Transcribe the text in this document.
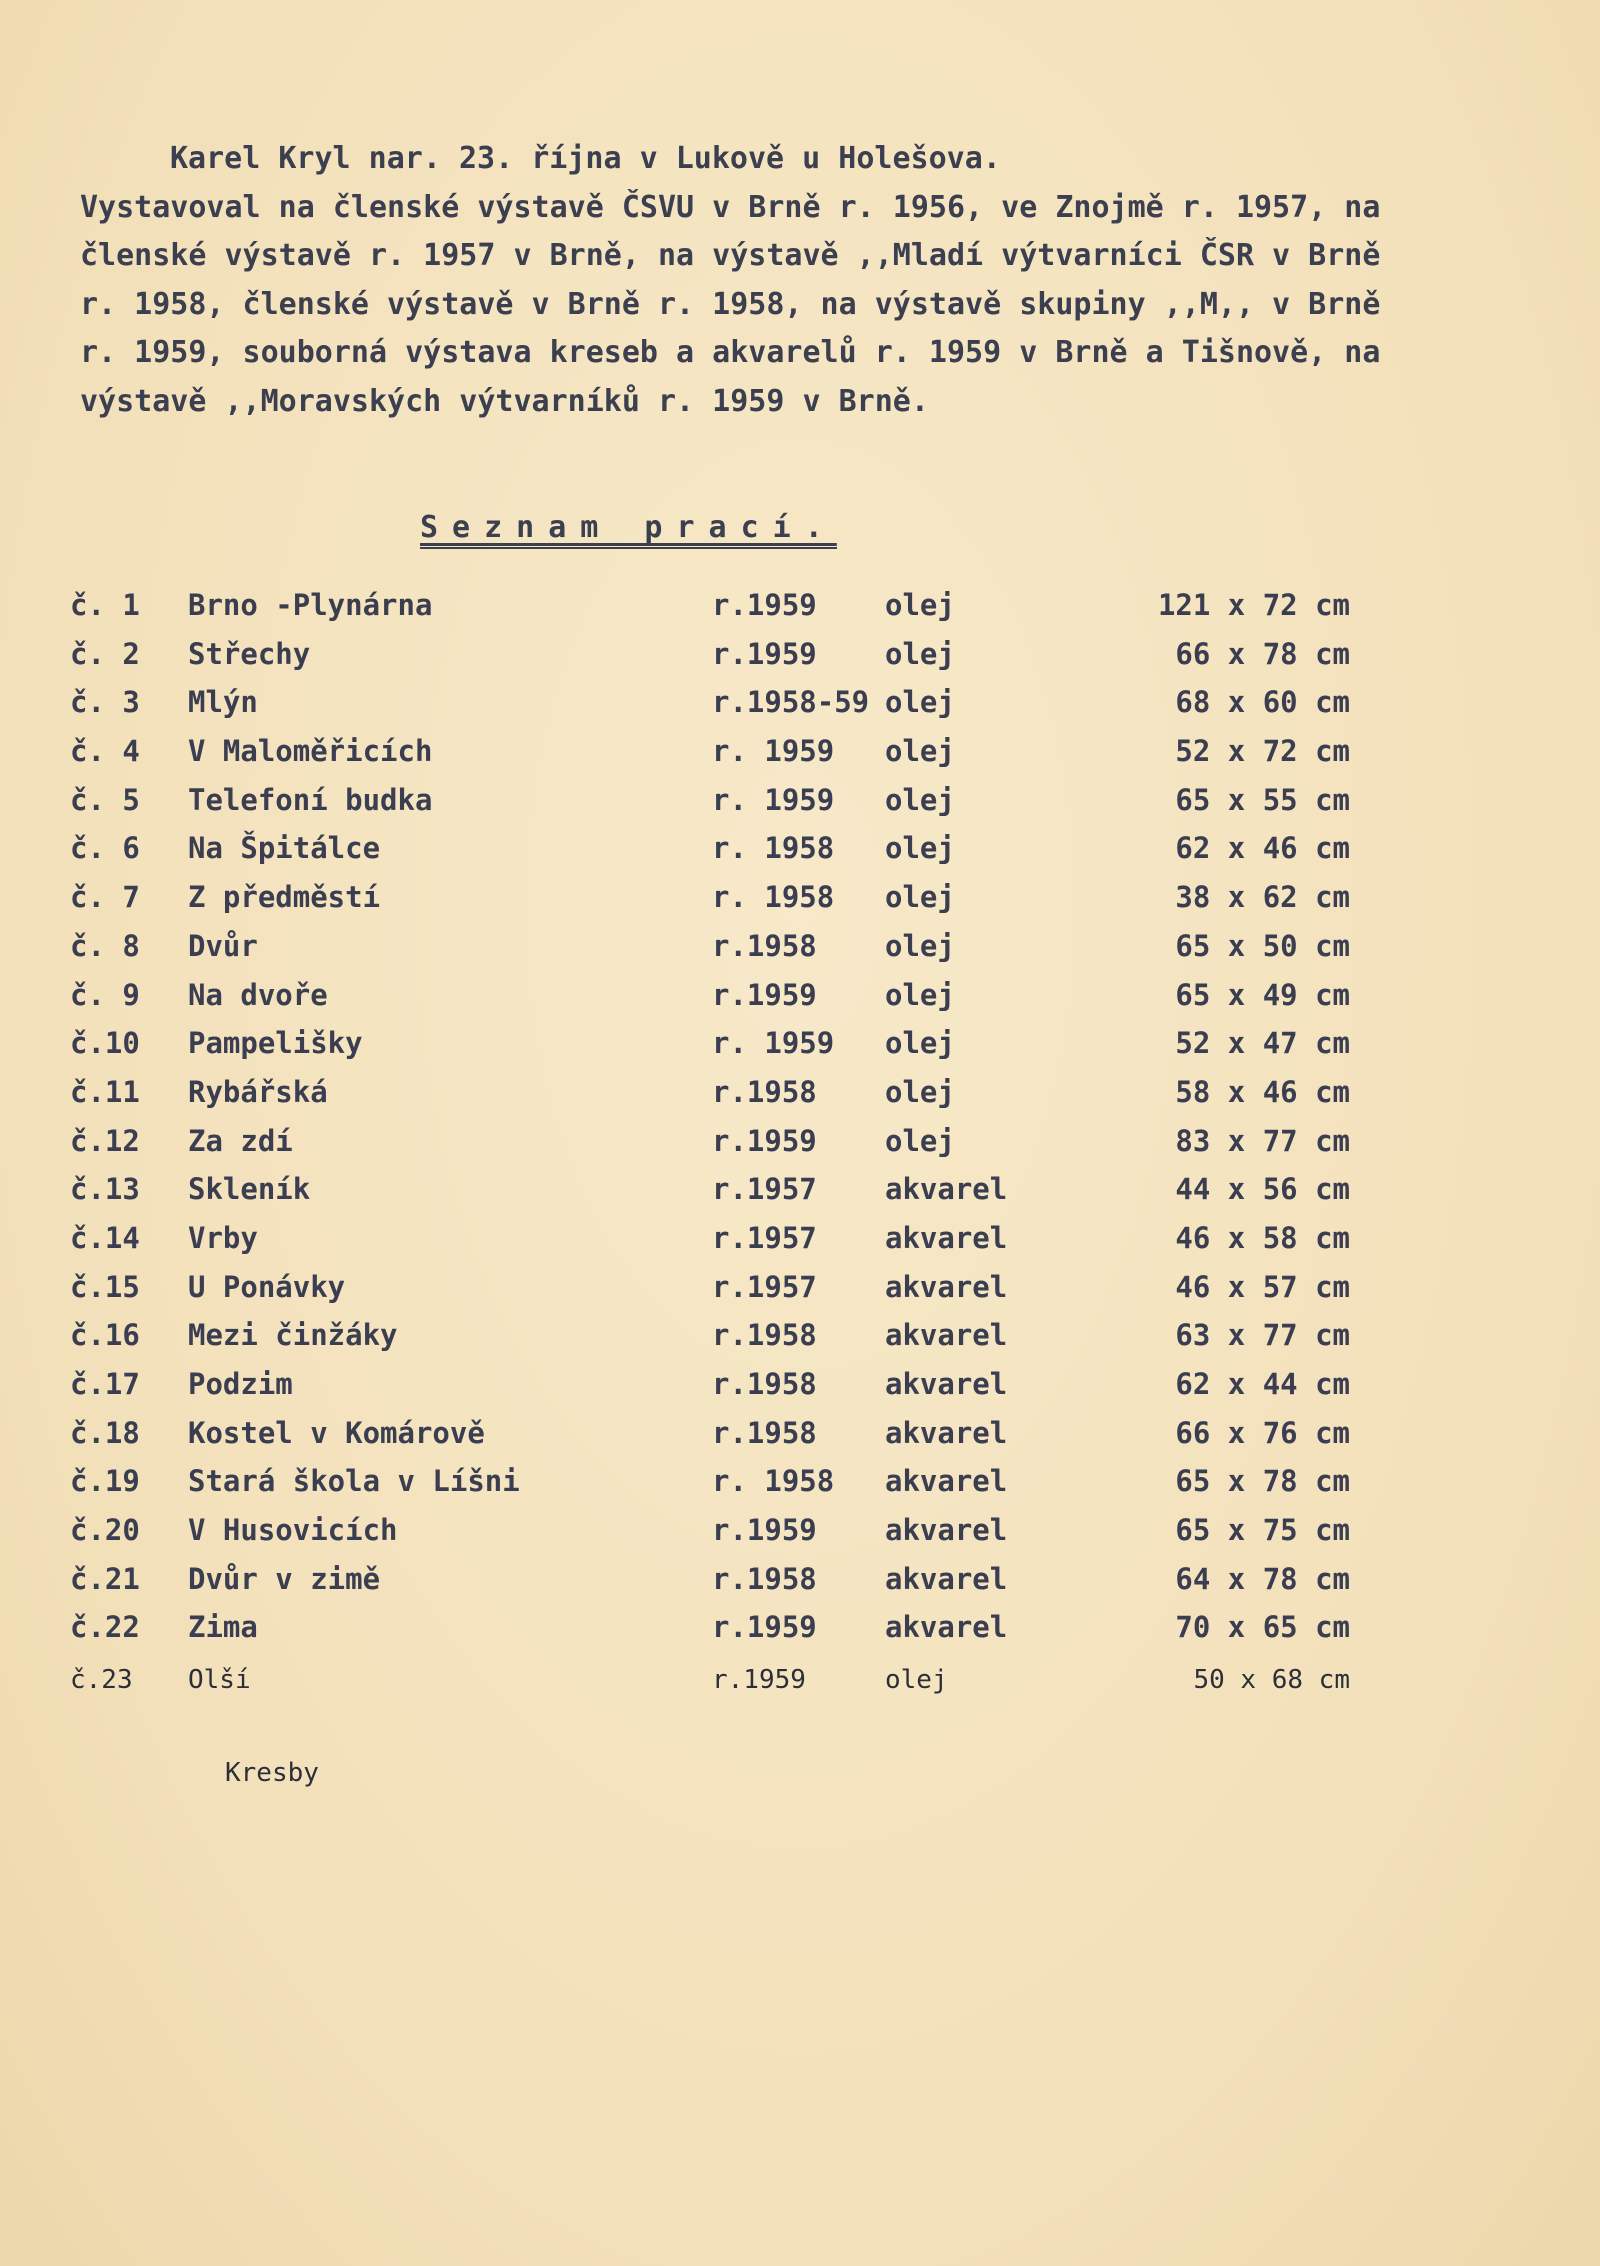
Karel Kryl nar. 23. října v Lukově u Holešova.
Vystavoval na členské výstavě ČSVU v Brně r. 1956, ve Znojmě r. 1957, na
členské výstavě r. 1957 v Brně, na výstavě ,,Mladí výtvarníci ČSR v Brně
r. 1958, členské výstavě v Brně r. 1958, na výstavě skupiny ,,M,, v Brně
r. 1959, souborná výstava kreseb a akvarelů r. 1959 v Brně a Tišnově, na
výstavě ,,Moravských výtvarníků r. 1959 v Brně.
Seznam prací.
č. 1 Brno -Plynárna	r.1959 olej	121 x 72 cm
č. 2 Střechy	r.1959 olej	66 x 78 cm
č. 3 Mlýn	r.1958-59 olej	68 x 60 cm
č. 4 V Maloměřicích	r. 1959 olej	52 x 72 cm
č. 5 Telefoní budka	r. 1959 olej	65 x 55 cm
č. 6 Na Špitálce	r. 1958 olej	62 x 46 cm
č. 7 Z předměstí	r. 1958 olej	38 x 62 cm
č. 8 Dvůr	r.1958 olej	65 x 50 cm
č. 9 Na dvoře	r.1959 olej	65 x 49 cm
č.10 Pampelišky	r. 1959 olej	52 x 47 cm
č.11 Rybářská	r.1958 olej	58 x 46 cm
č.12 Za zdí	r.1959 olej	83 x 77 cm
č.13 Skleník	r.1957 akvarel	44 x 56 cm
č.14 Vrby	r.1957 akvarel	46 x 58 cm
č.15 U Ponávky	r.1957 akvarel	46 x 57 cm
č.16 Mezi činžáky	r.1958 akvarel	63 x 77 cm
č.17 Podzim	r.1958 akvarel	62 x 44 cm
č.18 Kostel v Komárově	r.1958 akvarel	66 x 76 cm
č.19 Stará škola v Líšni	r. 1958 akvarel	65 x 78 cm
č.20 V Husovicích	r.1959 akvarel	65 x 75 cm
č.21 Dvůr v zimě	r.1958 akvarel	64 x 78 cm
č.22 Zima	r.1959 akvarel	70 x 65 cm
č.23 Olší	r.1959	olej	50 x 68 cm
Kresby
